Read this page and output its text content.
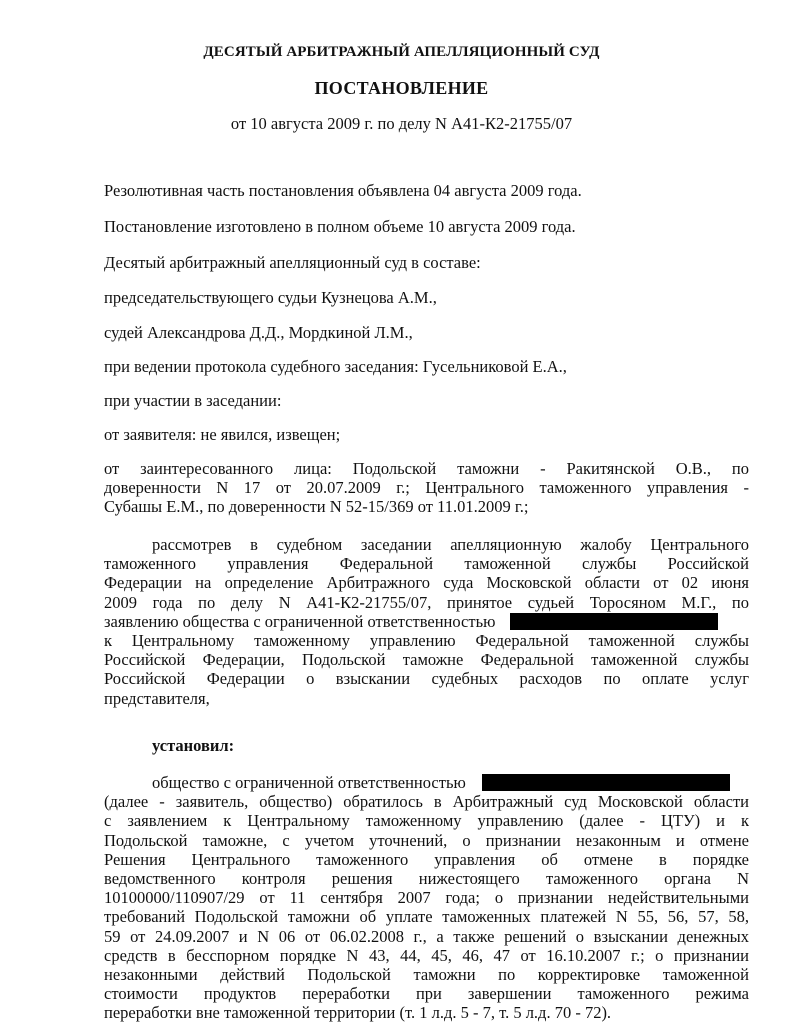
ДЕСЯТЫЙ АРБИТРАЖНЫЙ АПЕЛЛЯЦИОННЫЙ СУД
ПОСТАНОВЛЕНИЕ
от 10 августа 2009 г. по делу N А41-К2-21755/07
Резолютивная часть постановления объявлена 04 августа 2009 года.
Постановление изготовлено в полном объеме 10 августа 2009 года.
Десятый арбитражный апелляционный суд в составе:
председательствующего судьи Кузнецова А.М.,
судей Александрова Д.Д., Мордкиной Л.М.,
при ведении протокола судебного заседания: Гусельниковой Е.А.,
при участии в заседании:
от заявителя: не явился, извещен;
от заинтересованного лица: Подольской таможни - Ракитянской О.В., по
доверенности N 17 от 20.07.2009 г.; Центрального таможенного управления -
Субашы Е.М., по доверенности N 52-15/369 от 11.01.2009 г.;
рассмотрев в судебном заседании апелляционную жалобу Центрального
таможенного управления Федеральной таможенной службы Российской
Федерации на определение Арбитражного суда Московской области от 02 июня
2009 года по делу N А41-К2-21755/07, принятое судьей Торосяном М.Г., по
заявлению общества с ограниченной ответственностью
к Центральному таможенному управлению Федеральной таможенной службы
Российской Федерации, Подольской таможне Федеральной таможенной службы
Российской Федерации о взыскании судебных расходов по оплате услуг
представителя,
установил:
общество с ограниченной ответственностью
(далее - заявитель, общество) обратилось в Арбитражный суд Московской области
с заявлением к Центральному таможенному управлению (далее - ЦТУ) и к
Подольской таможне, с учетом уточнений, о признании незаконным и отмене
Решения Центрального таможенного управления об отмене в порядке
ведомственного контроля решения нижестоящего таможенного органа N
10100000/110907/29 от 11 сентября 2007 года; о признании недействительными
требований Подольской таможни об уплате таможенных платежей N 55, 56, 57, 58,
59 от 24.09.2007 и N 06 от 06.02.2008 г., а также решений о взыскании денежных
средств в бесспорном порядке N 43, 44, 45, 46, 47 от 16.10.2007 г.; о признании
незаконными действий Подольской таможни по корректировке таможенной
стоимости продуктов переработки при завершении таможенного режима
переработки вне таможенной территории (т. 1 л.д. 5 - 7, т. 5 л.д. 70 - 72).
